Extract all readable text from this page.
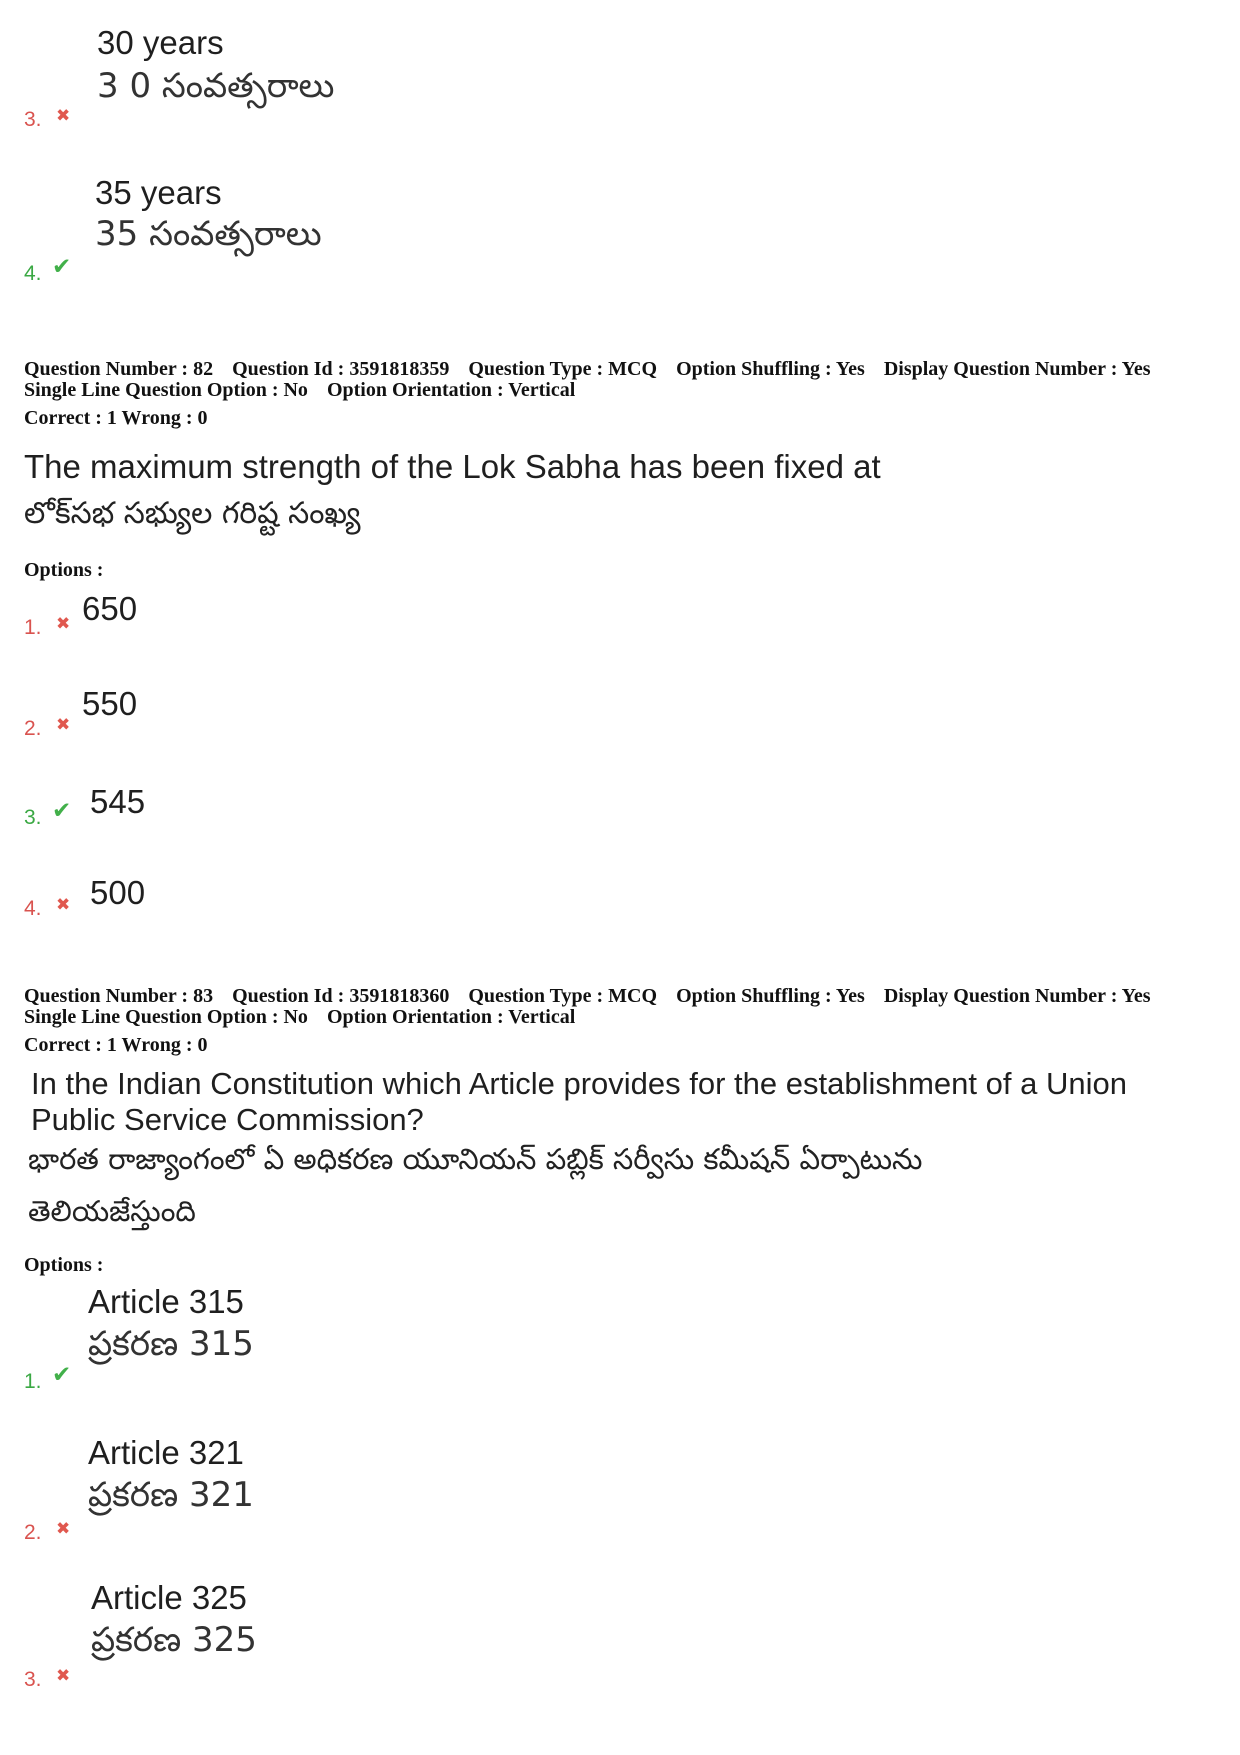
30 years
3 0 సంవత్సరాలు
3. ✖
35 years
35 సంవత్సరాలు
4. ✔
Question Number : 82 Question Id : 3591818359 Question Type : MCQ Option Shuffling : Yes Display Question Number : Yes
Single Line Question Option : No Option Orientation : Vertical
Correct : 1 Wrong : 0
The maximum strength of the Lok Sabha has been fixed at
లోక్‌సభ సభ్యుల గరిష్ట సంఖ్య
Options :
650
1. ✖
550
2. ✖
545
3. ✔
500
4. ✖
Question Number : 83 Question Id : 3591818360 Question Type : MCQ Option Shuffling : Yes Display Question Number : Yes
Single Line Question Option : No Option Orientation : Vertical
Correct : 1 Wrong : 0
In the Indian Constitution which Article provides for the establishment of a Union
Public Service Commission?
భారత రాజ్యాంగంలో ఏ అధికరణ యూనియన్ పబ్లిక్ సర్వీసు కమీషన్ ఏర్పాటును
తెలియజేస్తుంది
Options :
Article 315
ప్రకరణ 315
1. ✔
Article 321
ప్రకరణ 321
2. ✖
Article 325
ప్రకరణ 325
3. ✖
